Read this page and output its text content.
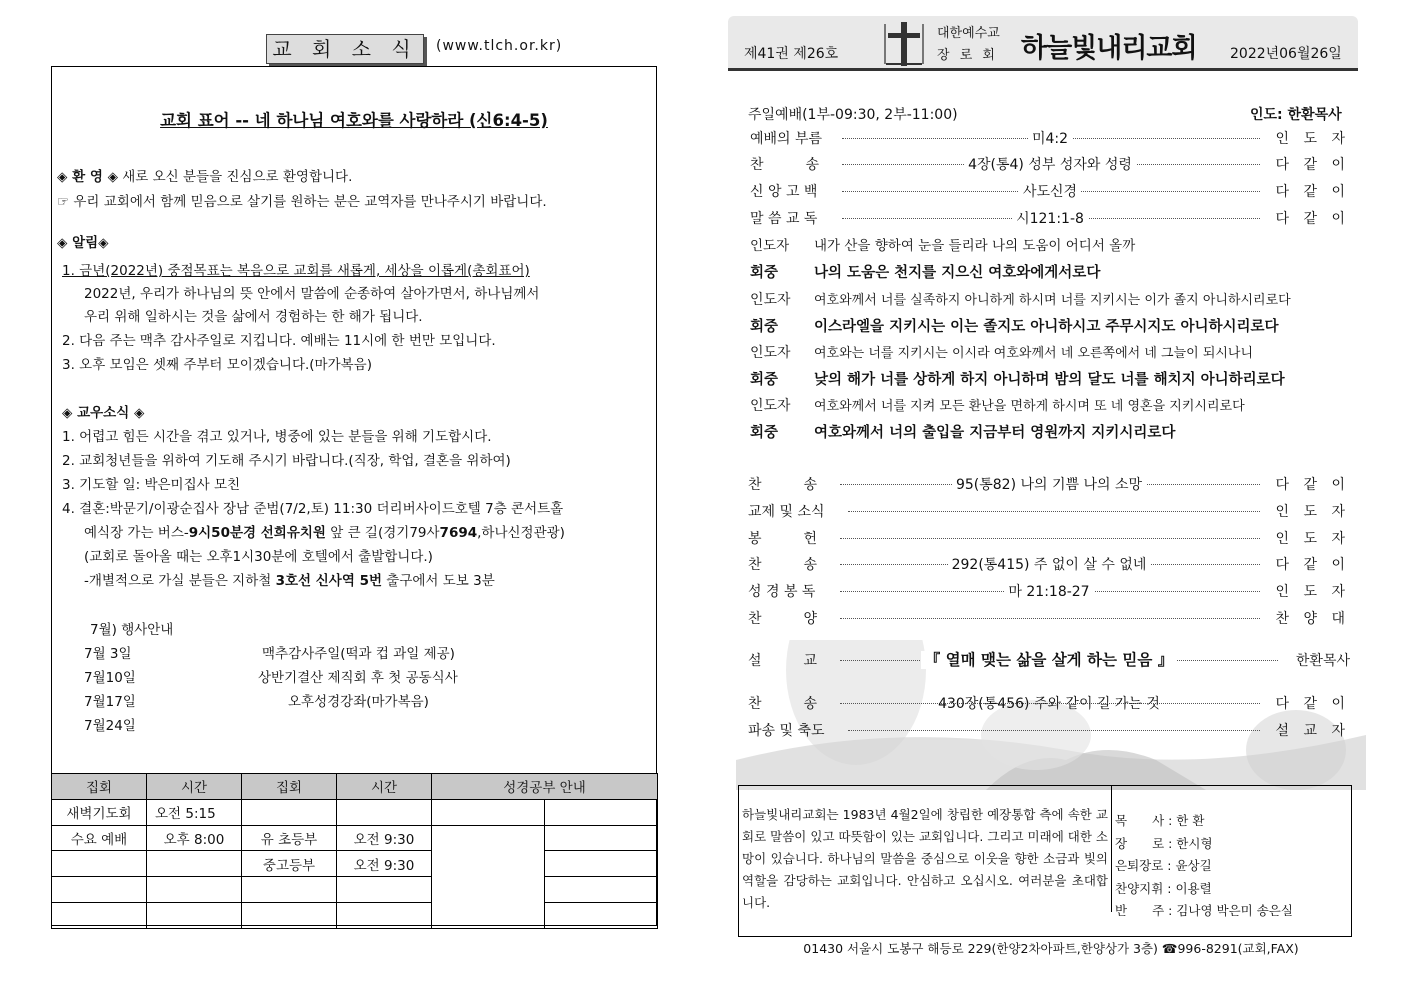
교 회 소 식	(www.tlch.or.kr)
교회 표어 -- 네 하나님 여호와를 사랑하라 (신6:4-5)
◈ 환 영 ◈ 새로 오신 분들을 진심으로 환영합니다.
☞ 우리 교회에서 함께 믿음으로 살기를 원하는 분은 교역자를 만나주시기 바랍니다.
◈ 알림◈
1. 금년(2022년) 중점목표는 복음으로 교회를 새롭게, 세상을 이롭게(총회표어)
2022년, 우리가 하나님의 뜻 안에서 말씀에 순종하여 살아가면서, 하나님께서
우리 위해 일하시는 것을 삶에서 경험하는 한 해가 됩니다.
2. 다음 주는 맥추 감사주일로 지킵니다. 예배는 11시에 한 번만 모입니다.
3. 오후 모임은 셋째 주부터 모이겠습니다.(마가복음)
◈ 교우소식 ◈
1. 어렵고 힘든 시간을 겪고 있거나, 병중에 있는 분들을 위해 기도합시다.
2. 교회청년들을 위하여 기도해 주시기 바랍니다.(직장, 학업, 결혼을 위하여)
3. 기도할 일: 박은미집사 모친
4. 결혼:박문기/이광순집사 장남 준범(7/2,토) 11:30 더리버사이드호텔 7층 콘서트홀
예식장 가는 버스-9시50분경 선희유치원 앞 큰 길(경기79사7694,하나신정관광)
(교회로 돌아올 때는 오후1시30분에 호텔에서 출발합니다.)
-개별적으로 가실 분들은 지하철 3호선 신사역 5번 출구에서 도보 3분
7월) 행사안내
7월 3일	맥추감사주일(떡과 컵 과일 제공)
7월10일	상반기결산 제직회 후 첫 공동식사
7월17일	오후성경강좌(마가복음)
7월24일
집회	시간	집회	시간	성경공부 안내	
새벽기도회	오전 5:15				
수요 예배	오후 8:00	유 초등부	오전 9:30		
		중고등부	오전 9:30		

제41권 제26호
대한예수교
장 로 회 하늘빛내리교회 2022년06월26일
주일예배(1부-09:30, 2부-11:00)	인도: 한환목사
예배의 부름	미4:2	인 도 자
찬　　　송	4장(통4) 성부 성자와 성령	다 같 이
신 앙 고 백	사도신경	다 같 이
말 씀 교 독	시121:1-8	다 같 이
인도자 내가 산을 향하여 눈을 들리라 나의 도움이 어디서 올까
회중 나의 도움은 천지를 지으신 여호와에게서로다
인도자 여호와께서 너를 실족하지 아니하게 하시며 너를 지키시는 이가 졸지 아니하시리로다
회중 이스라엘을 지키시는 이는 졸지도 아니하시고 주무시지도 아니하시리로다
인도자 여호와는 너를 지키시는 이시라 여호와께서 네 오른쪽에서 네 그늘이 되시나니
회중 낮의 해가 너를 상하게 하지 아니하며 밤의 달도 너를 해치지 아니하리로다
인도자 여호와께서 너를 지켜 모든 환난을 면하게 하시며 또 네 영혼을 지키시리로다
회중 여호와께서 너의 출입을 지금부터 영원까지 지키시리로다
찬　　　송	95(통82) 나의 기쁨 나의 소망	다 같 이
교제 및 소식	인 도 자
봉　　　헌	인 도 자
찬　　　송	292(통415) 주 없이 살 수 없네	다 같 이
성 경 봉 독	마 21:18-27	인 도 자
찬　　　양	찬 양 대
설　　　교	『 열매 맺는 삶을 살게 하는 믿음 』	한환목사
찬　　　송	430장(통456) 주와 같이 길 가는 것	다 같 이
파송 및 축도	설 교 자
하늘빛내리교회는 1983년 4월2일에 창립한 예장통합 측에 속한 교회로 말씀이 있고 따뜻함이 있는 교회입니다. 그리고 미래에 대한 소망이 있습니다. 하나님의 말씀을 중심으로 이웃을 향한 소금과 빛의 역할을 감당하는 교회입니다. 안심하고 오십시오. 여러분을 초대합니다.
목　　사 : 한 환
장　　로 : 한시형
은퇴장로 : 윤상길
찬양지휘 : 이용렬
반　　주 : 김나영 박은미 송은실
01430 서울시 도봉구 해등로 229(한양2차아파트,한양상가 3층) ☎996-8291(교회,FAX)
